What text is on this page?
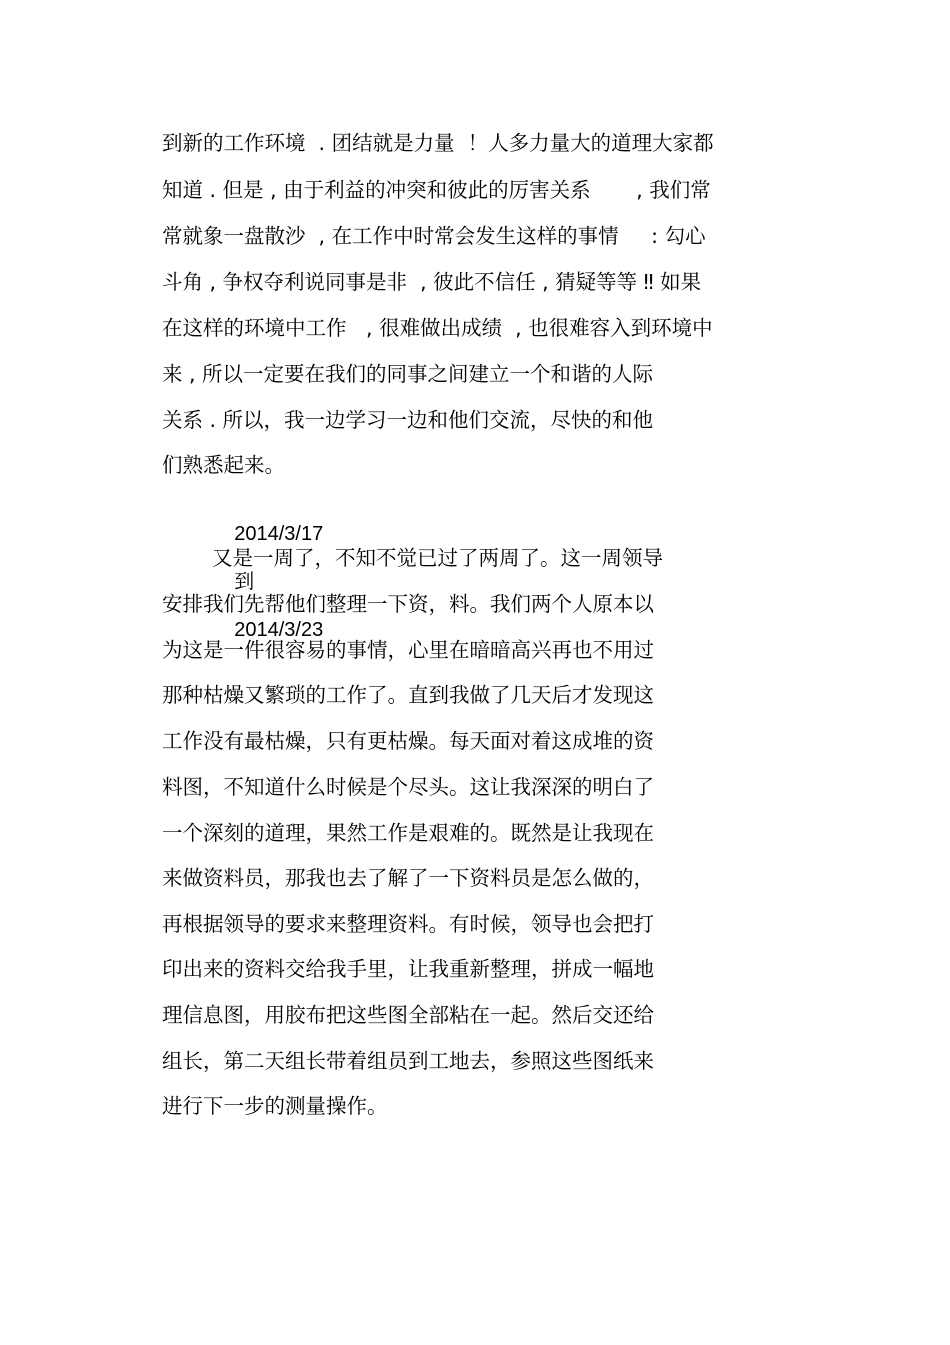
到新的工作环境  . 团结就是力量  ！人多力量大的道理大家都
知道 . 但是 , 由于利益的冲突和彼此的厉害关系       , 我们常
常就象一盘散沙  , 在工作中时常会发生这样的事情     : 勾心
斗角 , 争权夺利说同事是非  , 彼此不信任 , 猜疑等等 ‼ 如果
在这样的环境中工作   , 很难做出成绩  , 也很难容入到环境中
来 , 所以一定要在我们的同事之间建立一个和谐的人际
关系 . 所以，我一边学习一边和他们交流，尽快的和他
们熟悉起来。

2014/3/17

到

2014/3/23

又是一周了，不知不觉已过了两周了。这一周领导
安排我们先帮他们整理一下资，料。我们两个人原本以
为这是一件很容易的事情，心里在暗暗高兴再也不用过
那种枯燥又繁琐的工作了。直到我做了几天后才发现这
工作没有最枯燥，只有更枯燥。每天面对着这成堆的资
料图，不知道什么时候是个尽头。这让我深深的明白了
一个深刻的道理，果然工作是艰难的。既然是让我现在
来做资料员，那我也去了解了一下资料员是怎么做的，
再根据领导的要求来整理资料。有时候，领导也会把打
印出来的资料交给我手里，让我重新整理，拼成一幅地
理信息图，用胶布把这些图全部粘在一起。然后交还给
组长，第二天组长带着组员到工地去，参照这些图纸来
进行下一步的测量操作。
